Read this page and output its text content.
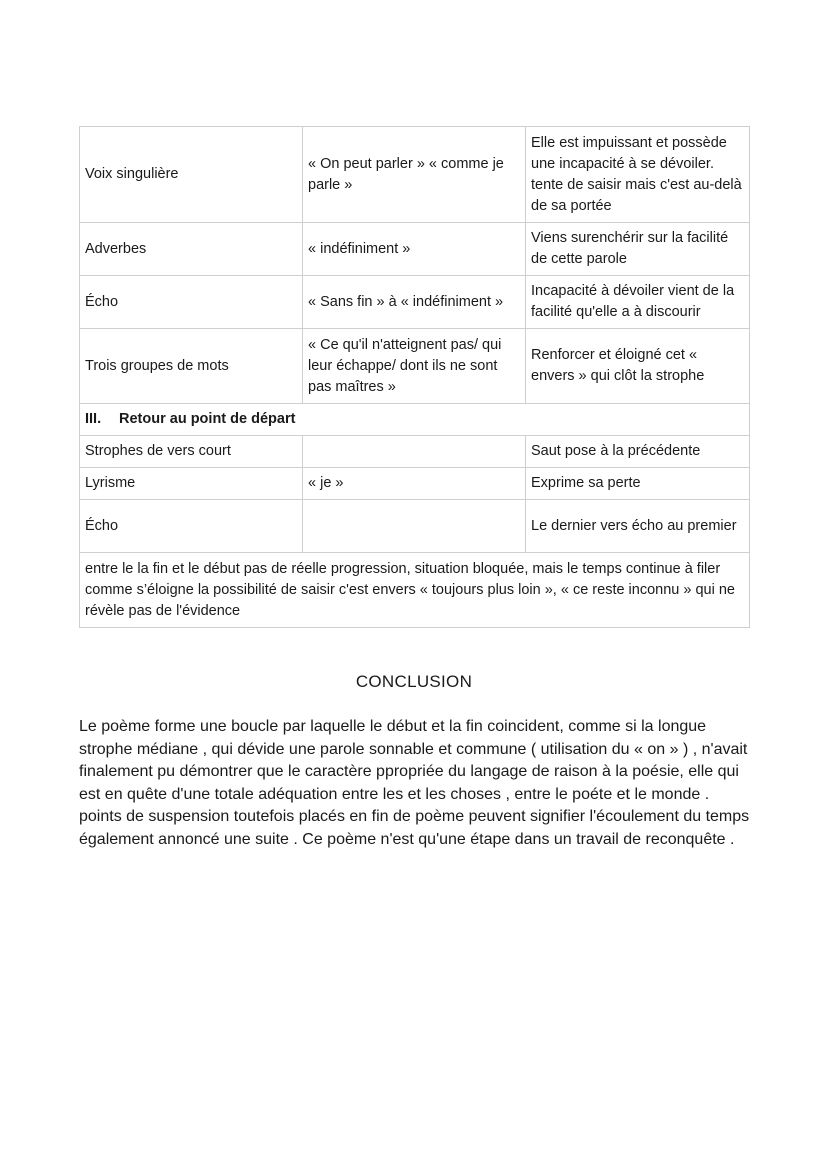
Voix singulière	« On peut parler » « comme je parle »	Elle est impuissant et possède une incapacité à se dévoiler. tente de saisir mais c'est au-delà de sa portée
Adverbes	« indéfiniment »	Viens surenchérir sur la facilité de cette parole
Écho	« Sans fin » à « indéfiniment »	Incapacité à dévoiler vient de la facilité qu'elle a à discourir
Trois groupes de mots	« Ce qu'il n'atteignent pas/ qui leur échappe/ dont ils ne sont pas maîtres »	Renforcer et éloigné cet « envers » qui clôt la strophe
III. Retour au point de départ		
Strophes de vers court		Saut pose à la précédente
Lyrisme	« je »	Exprime sa perte
Écho		Le dernier vers écho au premier
entre le la fin et le début pas de réelle progression, situation bloquée, mais le temps continue à filer comme s’éloigne la possibilité de saisir c'est envers « toujours plus loin », « ce reste inconnu » qui ne révèle pas de l'évidence		
CONCLUSION

Le poème forme une boucle par laquelle le début et la fin coincident, comme si la longue strophe médiane , qui dévide une parole sonnable et commune ( utilisation du « on » ) , n'avait finalement pu démontrer que le caractère ppropriée du langage de raison à la poésie, elle qui est en quête d'une totale adéquation entre les et les choses , entre le poéte et le monde . points de suspension toutefois placés en fin de poème peuvent signifier l'écoulement du temps également annoncé une suite . Ce poème n'est qu'une étape dans un travail de reconquête .
